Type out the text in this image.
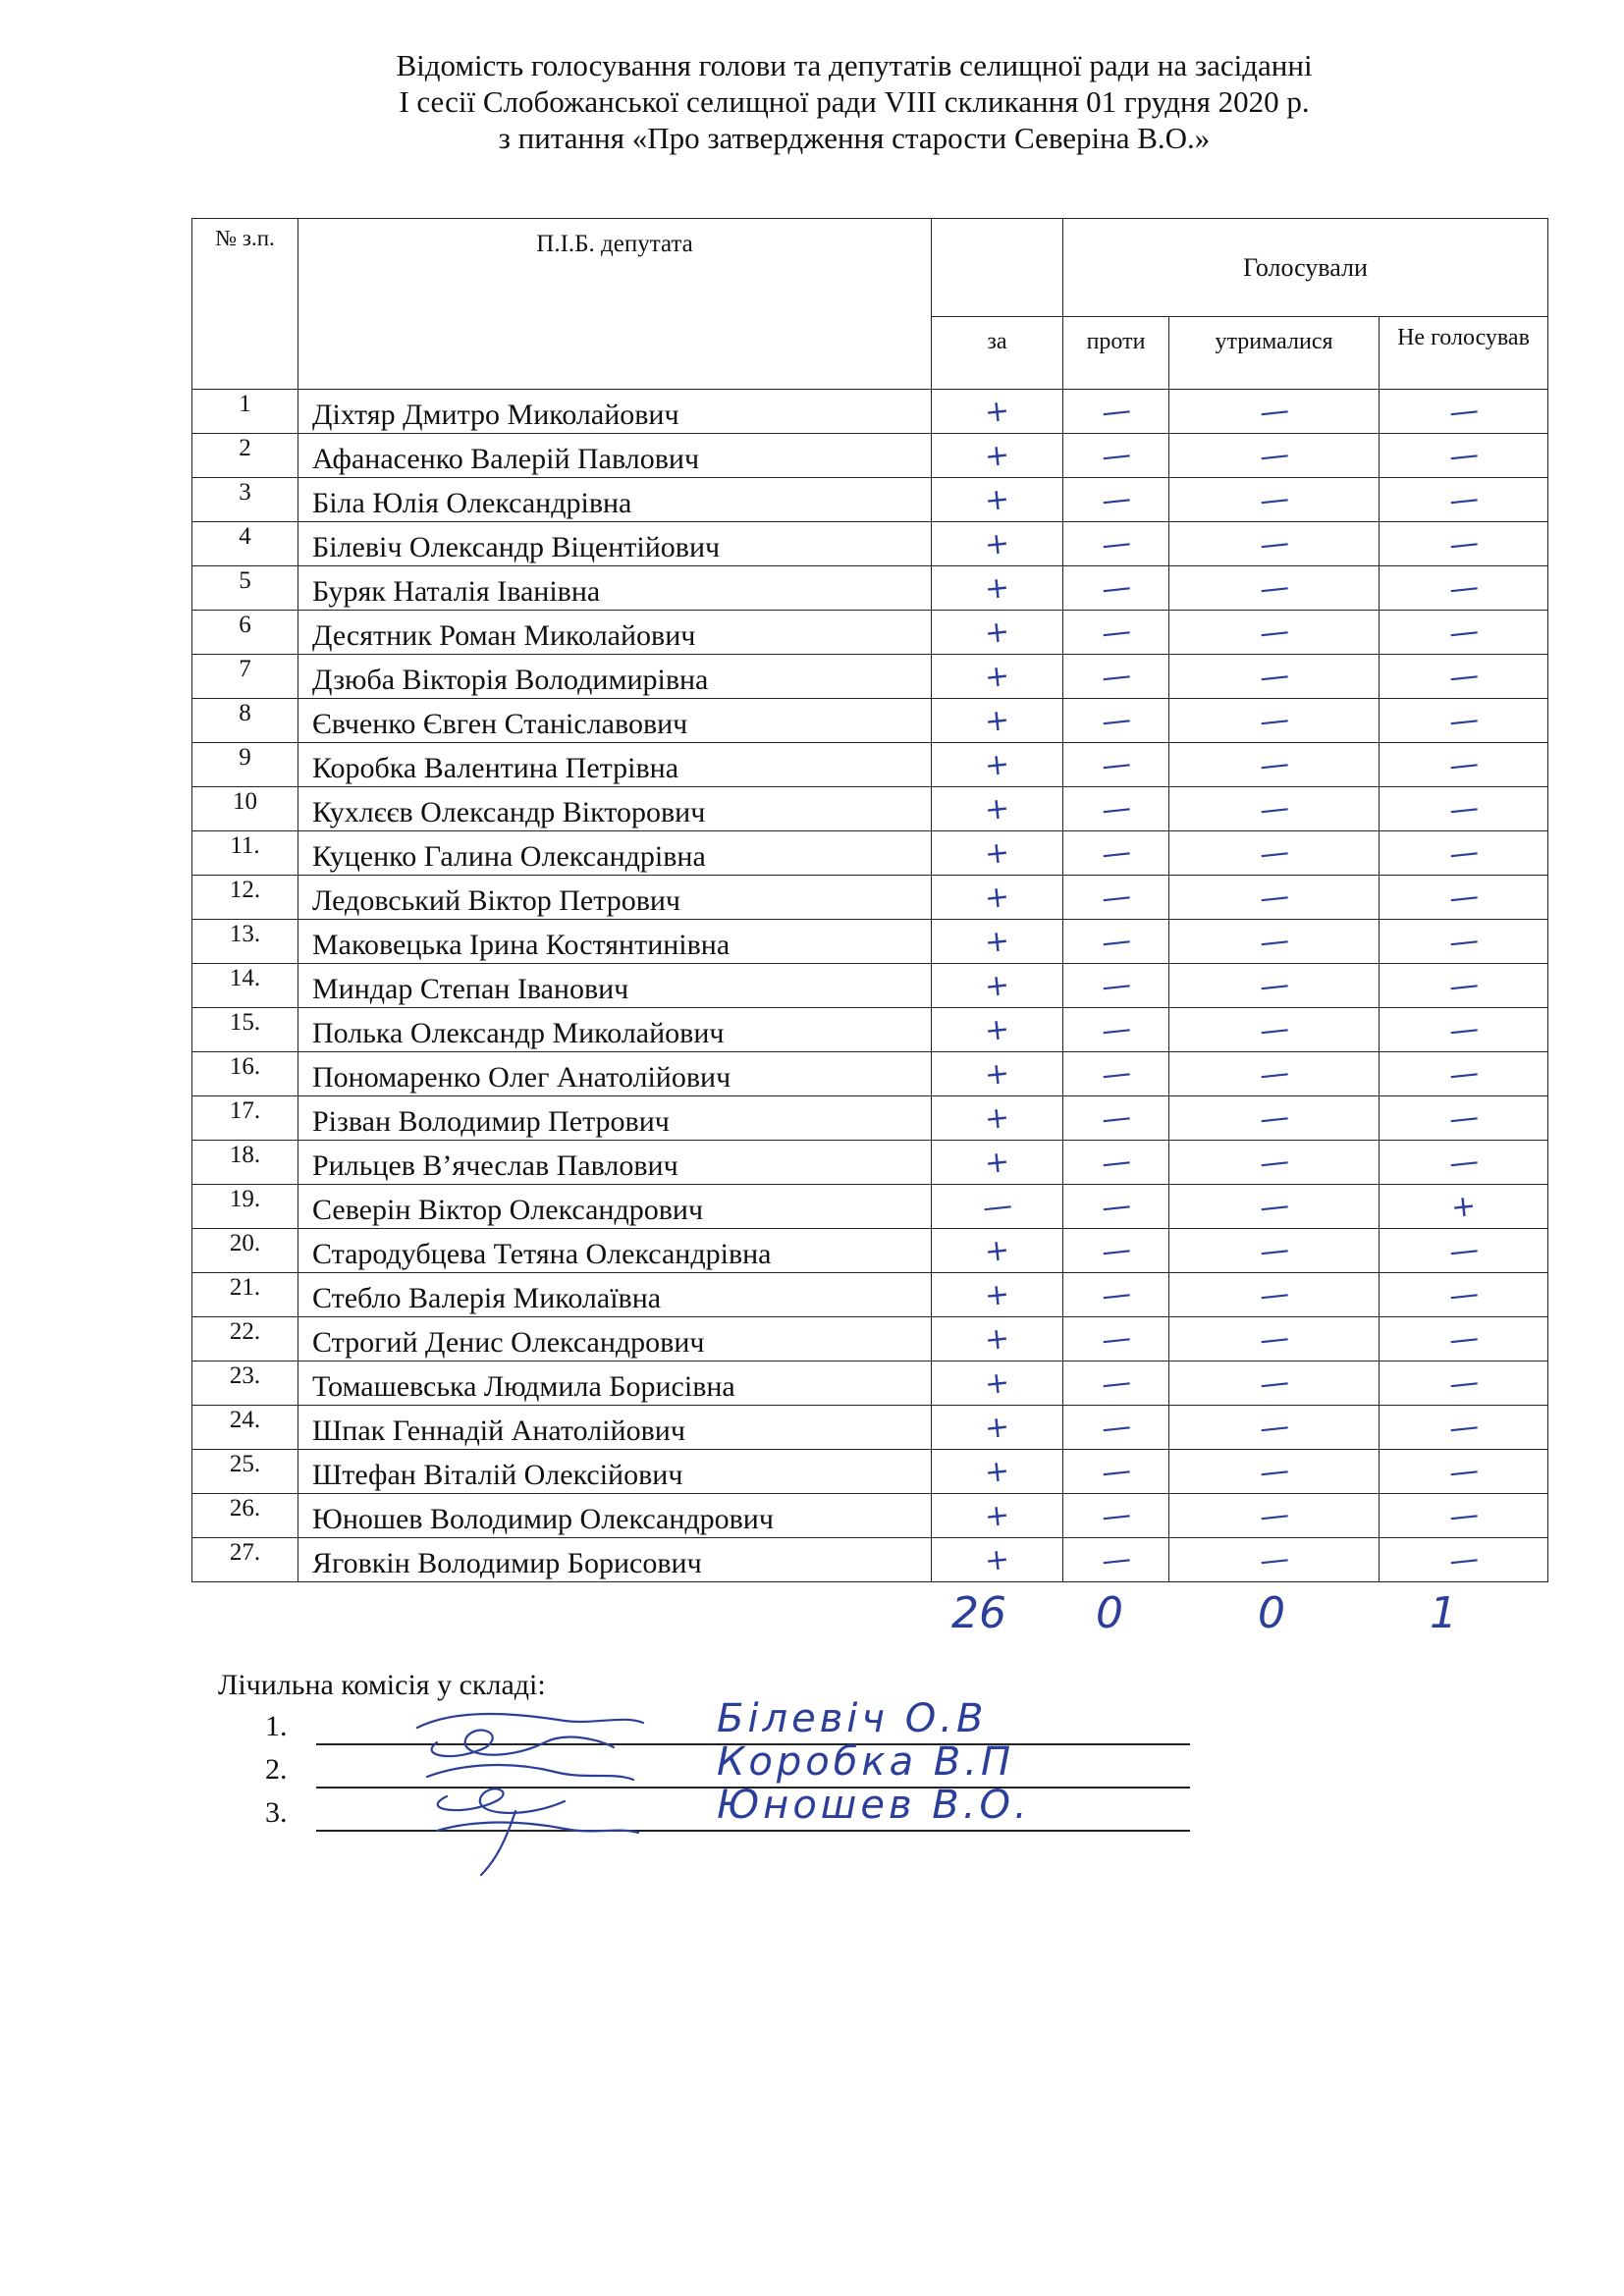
Відомість голосування голови та депутатів селищної ради на засіданні
І сесії Слобожанської селищної ради VIII скликання 01 грудня 2020 р.
з питання «Про затвердження старости Северіна В.О.»
№ з.п.	П.І.Б. депутата		Голосували		
		за	проти	утрималися	Не голосував
1	Діхтяр Дмитро Миколайович	+	—	—	—
2	Афанасенко Валерій Павлович	+	—	—	—
3	Біла Юлія Олександрівна	+	—	—	—
4	Білевіч Олександр Віцентійович	+	—	—	—
5	Буряк Наталія Іванівна	+	—	—	—
6	Десятник Роман Миколайович	+	—	—	—
7	Дзюба Вікторія Володимирівна	+	—	—	—
8	Євченко Євген Станіславович	+	—	—	—
9	Коробка Валентина Петрівна	+	—	—	—
10	Кухлєєв Олександр Вікторович	+	—	—	—
11.	Куценко Галина Олександрівна	+	—	—	—
12.	Ледовський Віктор Петрович	+	—	—	—
13.	Маковецька Ірина Костянтинівна	+	—	—	—
14.	Миндар Степан Іванович	+	—	—	—
15.	Полька Олександр Миколайович	+	—	—	—
16.	Пономаренко Олег Анатолійович	+	—	—	—
17.	Різван Володимир Петрович	+	—	—	—
18.	Рильцев В’ячеслав Павлович	+	—	—	—
19.	Северін Віктор Олександрович	—	—	—	+
20.	Стародубцева Тетяна Олександрівна	+	—	—	—
21.	Стебло Валерія Миколаївна	+	—	—	—
22.	Строгий Денис Олександрович	+	—	—	—
23.	Томашевська Людмила Борисівна	+	—	—	—
24.	Шпак Геннадій Анатолійович	+	—	—	—
25.	Штефан Віталій Олексійович	+	—	—	—
26.	Юношев Володимир Олександрович	+	—	—	—
27.	Яговкін Володимир Борисович	+	—	—	—
26	0	0	1
Лічильна комісія у складі:
1.	Білевіч О.В
2.	Коробка В.П
3.	Юношев В.О.
